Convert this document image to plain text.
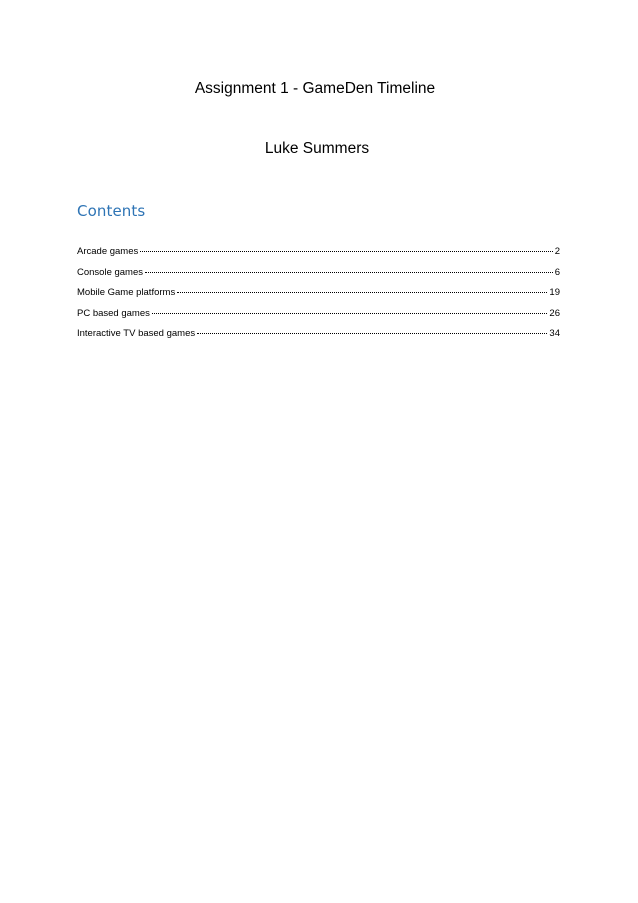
Assignment 1 - GameDen Timeline
Luke Summers
Contents
Arcade games	2
Console games	6
Mobile Game platforms	19
PC based games	26
Interactive TV based games	34
